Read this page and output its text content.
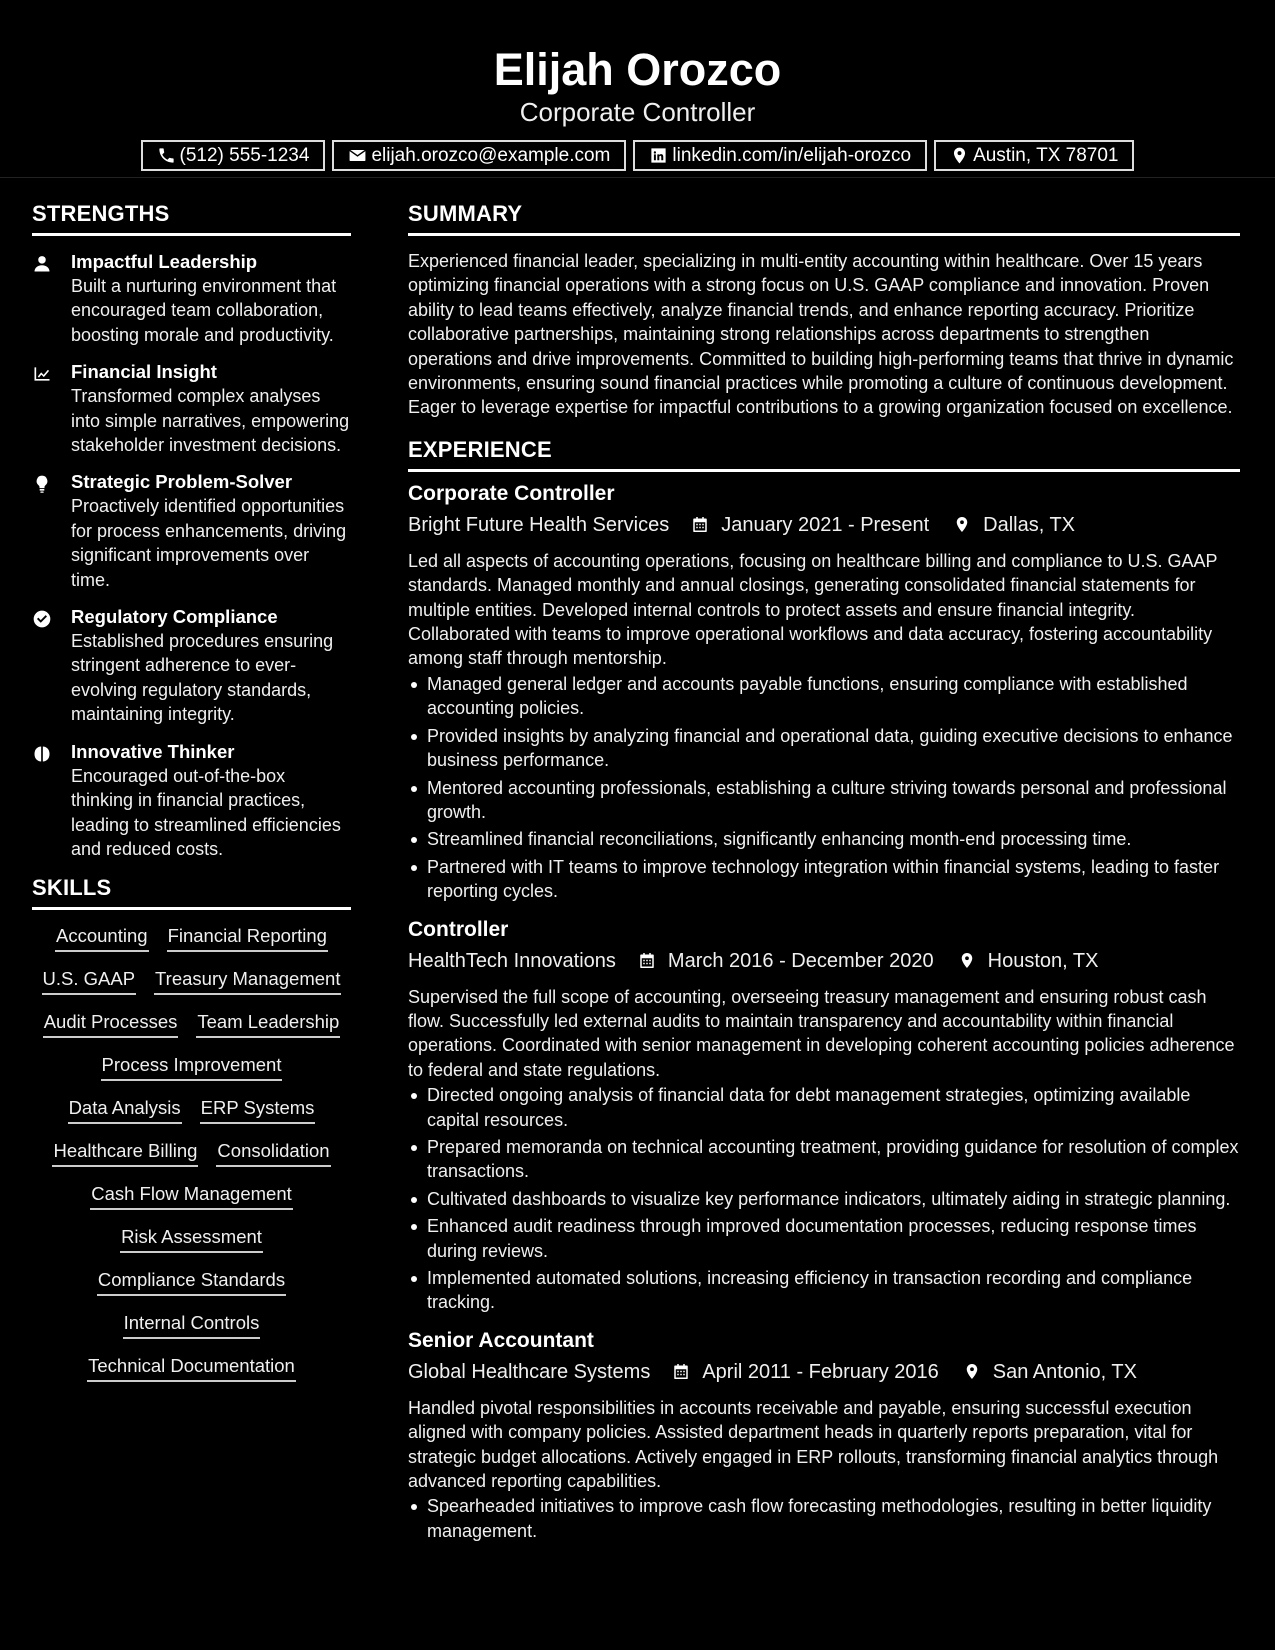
Elijah Orozco
Corporate Controller
(512) 555-1234	elijah.orozco@example.com	linkedin.com/in/elijah-orozco	Austin, TX 78701
STRENGTHS
Impactful Leadership
Built a nurturing environment that encouraged team collaboration, boosting morale and productivity.
Financial Insight
Transformed complex analyses into simple narratives, empowering stakeholder investment decisions.
Strategic Problem-Solver
Proactively identified opportunities for process enhancements, driving significant improvements over time.
Regulatory Compliance
Established procedures ensuring stringent adherence to ever-evolving regulatory standards, maintaining integrity.
Innovative Thinker
Encouraged out-of-the-box thinking in financial practices, leading to streamlined efficiencies and reduced costs.
SKILLS
Accounting Financial Reporting
U.S. GAAP Treasury Management
Audit Processes Team Leadership
Process Improvement
Data Analysis ERP Systems
Healthcare Billing Consolidation
Cash Flow Management
Risk Assessment
Compliance Standards
Internal Controls
Technical Documentation
SUMMARY
Experienced financial leader, specializing in multi-entity accounting within healthcare. Over 15 years optimizing financial operations with a strong focus on U.S. GAAP compliance and innovation. Proven ability to lead teams effectively, analyze financial trends, and enhance reporting accuracy. Prioritize collaborative partnerships, maintaining strong relationships across departments to strengthen operations and drive improvements. Committed to building high-performing teams that thrive in dynamic environments, ensuring sound financial practices while promoting a culture of continuous development. Eager to leverage expertise for impactful contributions to a growing organization focused on excellence.
EXPERIENCE
Corporate Controller
Bright Future Health Services	January 2021 - Present	Dallas, TX
Led all aspects of accounting operations, focusing on healthcare billing and compliance to U.S. GAAP standards. Managed monthly and annual closings, generating consolidated financial statements for multiple entities. Developed internal controls to protect assets and ensure financial integrity. Collaborated with teams to improve operational workflows and data accuracy, fostering accountability among staff through mentorship.
Managed general ledger and accounts payable functions, ensuring compliance with established accounting policies.
Provided insights by analyzing financial and operational data, guiding executive decisions to enhance business performance.
Mentored accounting professionals, establishing a culture striving towards personal and professional growth.
Streamlined financial reconciliations, significantly enhancing month-end processing time.
Partnered with IT teams to improve technology integration within financial systems, leading to faster reporting cycles.
Controller
HealthTech Innovations	March 2016 - December 2020	Houston, TX
Supervised the full scope of accounting, overseeing treasury management and ensuring robust cash flow. Successfully led external audits to maintain transparency and accountability within financial operations. Coordinated with senior management in developing coherent accounting policies adherence to federal and state regulations.
Directed ongoing analysis of financial data for debt management strategies, optimizing available capital resources.
Prepared memoranda on technical accounting treatment, providing guidance for resolution of complex transactions.
Cultivated dashboards to visualize key performance indicators, ultimately aiding in strategic planning.
Enhanced audit readiness through improved documentation processes, reducing response times during reviews.
Implemented automated solutions, increasing efficiency in transaction recording and compliance tracking.
Senior Accountant
Global Healthcare Systems	April 2011 - February 2016	San Antonio, TX
Handled pivotal responsibilities in accounts receivable and payable, ensuring successful execution aligned with company policies. Assisted department heads in quarterly reports preparation, vital for strategic budget allocations. Actively engaged in ERP rollouts, transforming financial analytics through advanced reporting capabilities.
Spearheaded initiatives to improve cash flow forecasting methodologies, resulting in better liquidity management.
